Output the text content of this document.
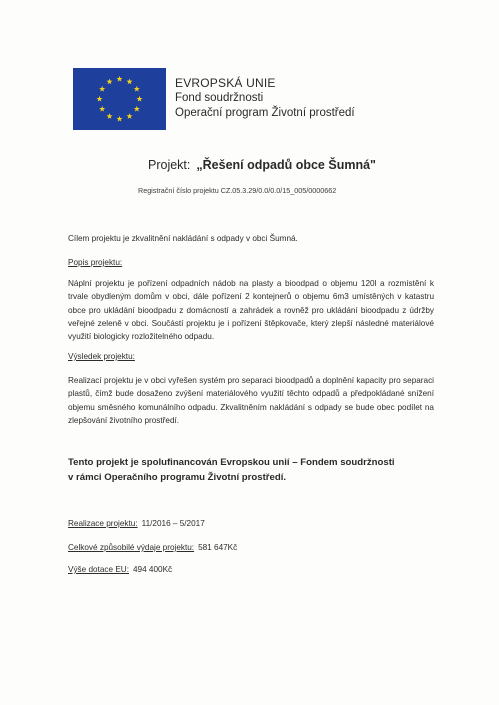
EVROPSKÁ UNIE
Fond soudržnosti
Operační program Životní prostředí
Projekt: „Řešení odpadů obce Šumná"
Registrační číslo projektu CZ.05.3.29/0.0/0.0/15_005/0000662
Cílem projektu je zkvalitnění nakládání s odpady v obci Šumná.
Popis projektu:
Náplní projektu je pořízení odpadních nádob na plasty a bioodpad o objemu 120l a rozmístění k trvale obydleným domům v obci, dále pořízení 2 kontejnerů o objemu 6m3 umístěných v katastru obce pro ukládání bioodpadu z domácností a zahrádek a rovněž pro ukládání bioodpadu z údržby veřejné zeleně v obci. Součástí projektu je i pořízení štěpkovače, který zlepší následné materiálové využití biologicky rozložitelného odpadu.
Výsledek projektu:
Realizací projektu je v obci vyřešen systém pro separaci bioodpadů a doplnění kapacity pro separaci plastů, čímž bude dosaženo zvýšení materiálového využití těchto odpadů a předpokládané snížení objemu směsného komunálního odpadu. Zkvalitněním nakládání s odpady se bude obec podílet na zlepšování životního prostředí.
Tento projekt je spolufinancován Evropskou unií – Fondem soudržnosti
v rámci Operačního programu Životní prostředí.
Realizace projektu: 11/2016 – 5/2017
Celkové způsobilé výdaje projektu: 581 647Kč
Výše dotace EU: 494 400Kč
